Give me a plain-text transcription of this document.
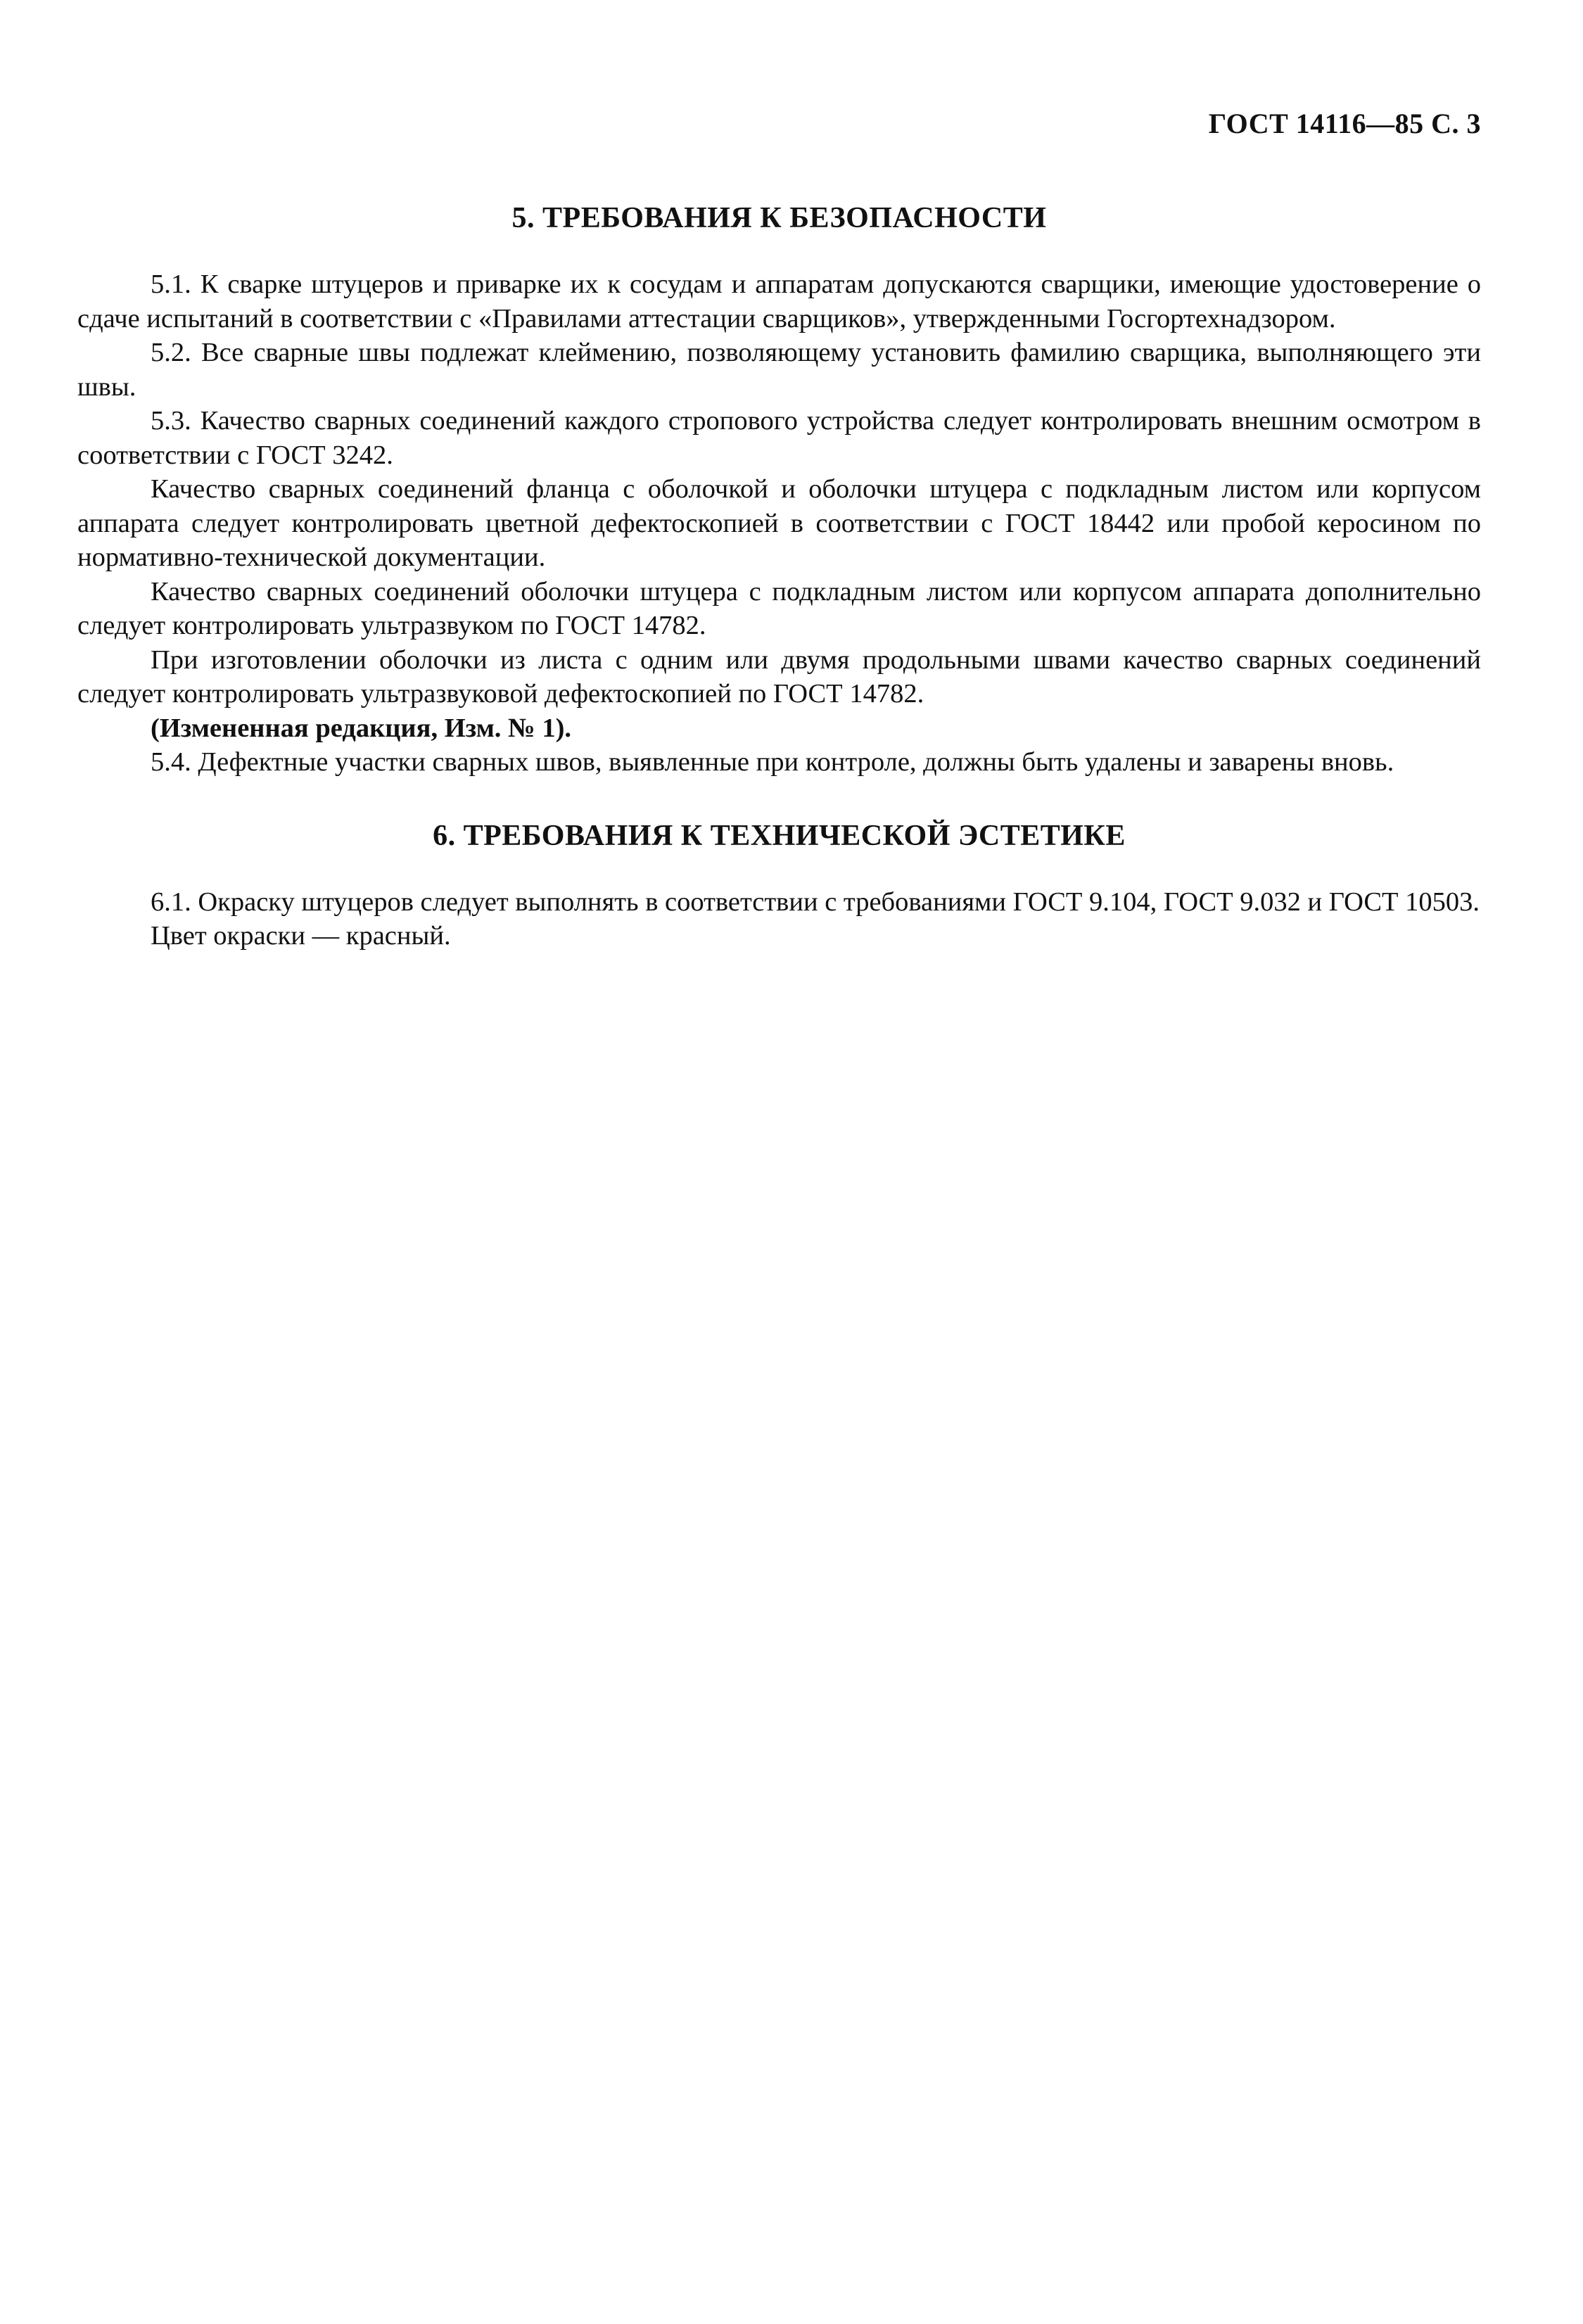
ГОСТ 14116—85 С. 3
5. ТРЕБОВАНИЯ К БЕЗОПАСНОСТИ

5.1. К сварке штуцеров и приварке их к сосудам и аппаратам допускаются сварщики, имеющие удостоверение о сдаче испытаний в соответствии с «Правилами аттестации сварщиков», утвержденными Госгортехнадзором.

5.2. Все сварные швы подлежат клеймению, позволяющему установить фамилию сварщика, выполняющего эти швы.

5.3. Качество сварных соединений каждого стропового устройства следует контролировать внешним осмотром в соответствии с ГОСТ 3242.

Качество сварных соединений фланца с оболочкой и оболочки штуцера с подкладным листом или корпусом аппарата следует контролировать цветной дефектоскопией в соответствии с ГОСТ 18442 или пробой керосином по нормативно-технической документации.

Качество сварных соединений оболочки штуцера с подкладным листом или корпусом аппарата дополнительно следует контролировать ультразвуком по ГОСТ 14782.

При изготовлении оболочки из листа с одним или двумя продольными швами качество сварных соединений следует контролировать ультразвуковой дефектоскопией по ГОСТ 14782.

(Измененная редакция, Изм. № 1).

5.4. Дефектные участки сварных швов, выявленные при контроле, должны быть удалены и заварены вновь.

6. ТРЕБОВАНИЯ К ТЕХНИЧЕСКОЙ ЭСТЕТИКЕ

6.1. Окраску штуцеров следует выполнять в соответствии с требованиями ГОСТ 9.104, ГОСТ 9.032 и ГОСТ 10503.

Цвет окраски — красный.
